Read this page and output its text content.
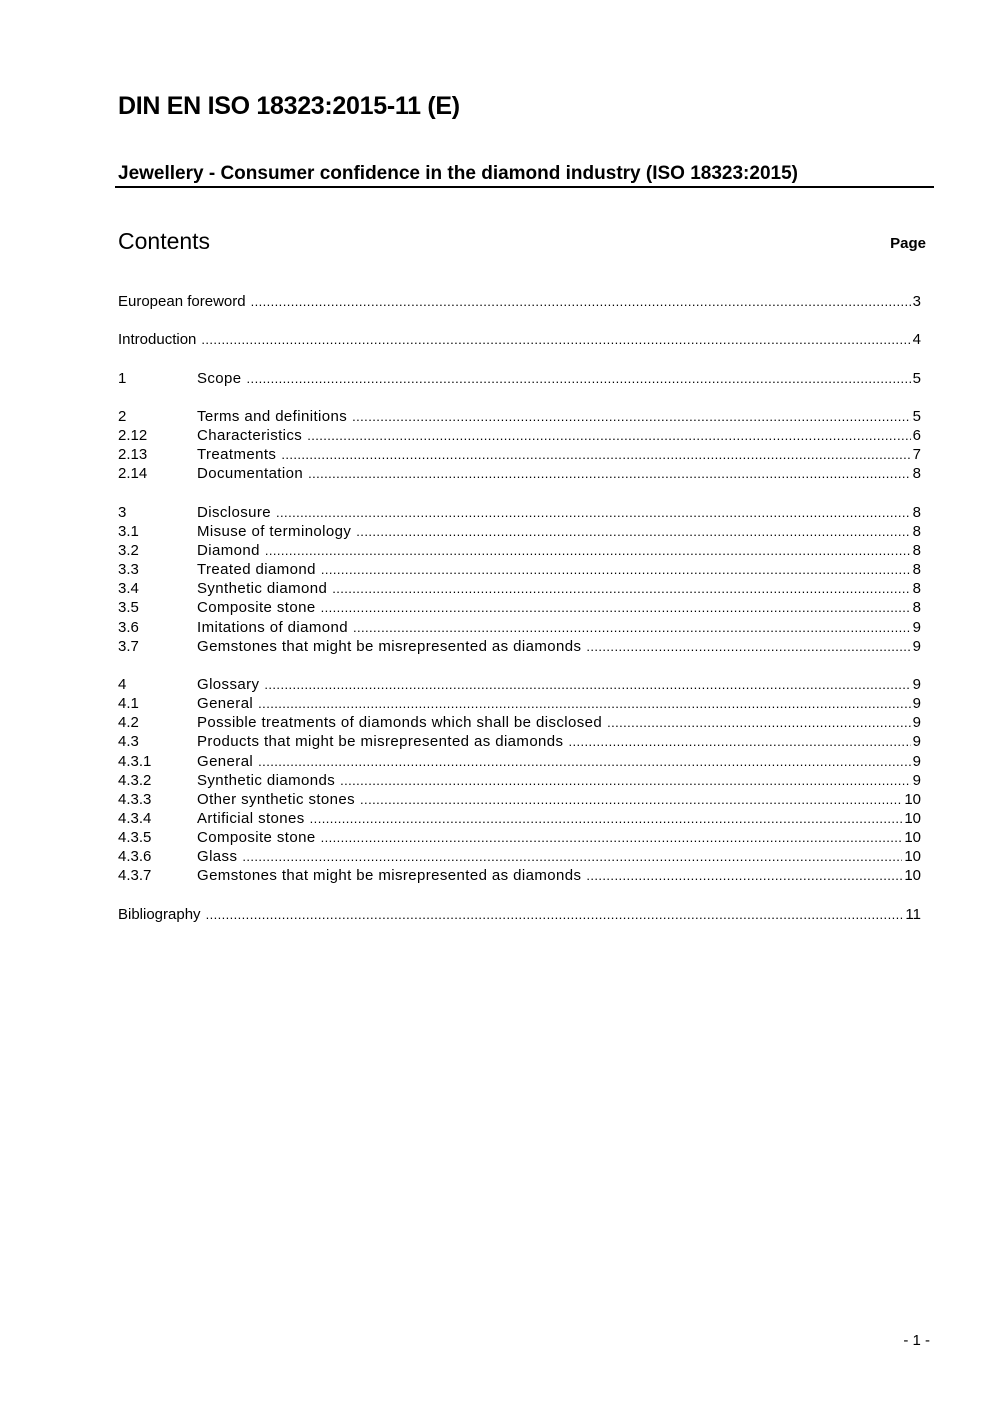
DIN EN ISO 18323:2015-11 (E)
Jewellery - Consumer confidence in the diamond industry (ISO 18323:2015)
Contents	Page
European foreword .....	3
Introduction .....	4
1	Scope .....	5
2	Terms and definitions .....	5
2.12	Characteristics .....	6
2.13	Treatments .....	7
2.14	Documentation .....	8
3	Disclosure .....	8
3.1	Misuse of terminology .....	8
3.2	Diamond .....	8
3.3	Treated diamond .....	8
3.4	Synthetic diamond .....	8
3.5	Composite stone .....	8
3.6	Imitations of diamond .....	9
3.7	Gemstones that might be misrepresented as diamonds .....	9
4	Glossary .....	9
4.1	General .....	9
4.2	Possible treatments of diamonds which shall be disclosed .....	9
4.3	Products that might be misrepresented as diamonds .....	9
4.3.1	General .....	9
4.3.2	Synthetic diamonds .....	9
4.3.3	Other synthetic stones .....	10
4.3.4	Artificial stones .....	10
4.3.5	Composite stone .....	10
4.3.6	Glass .....	10
4.3.7	Gemstones that might be misrepresented as diamonds .....	10
Bibliography .....	11
- 1 -
